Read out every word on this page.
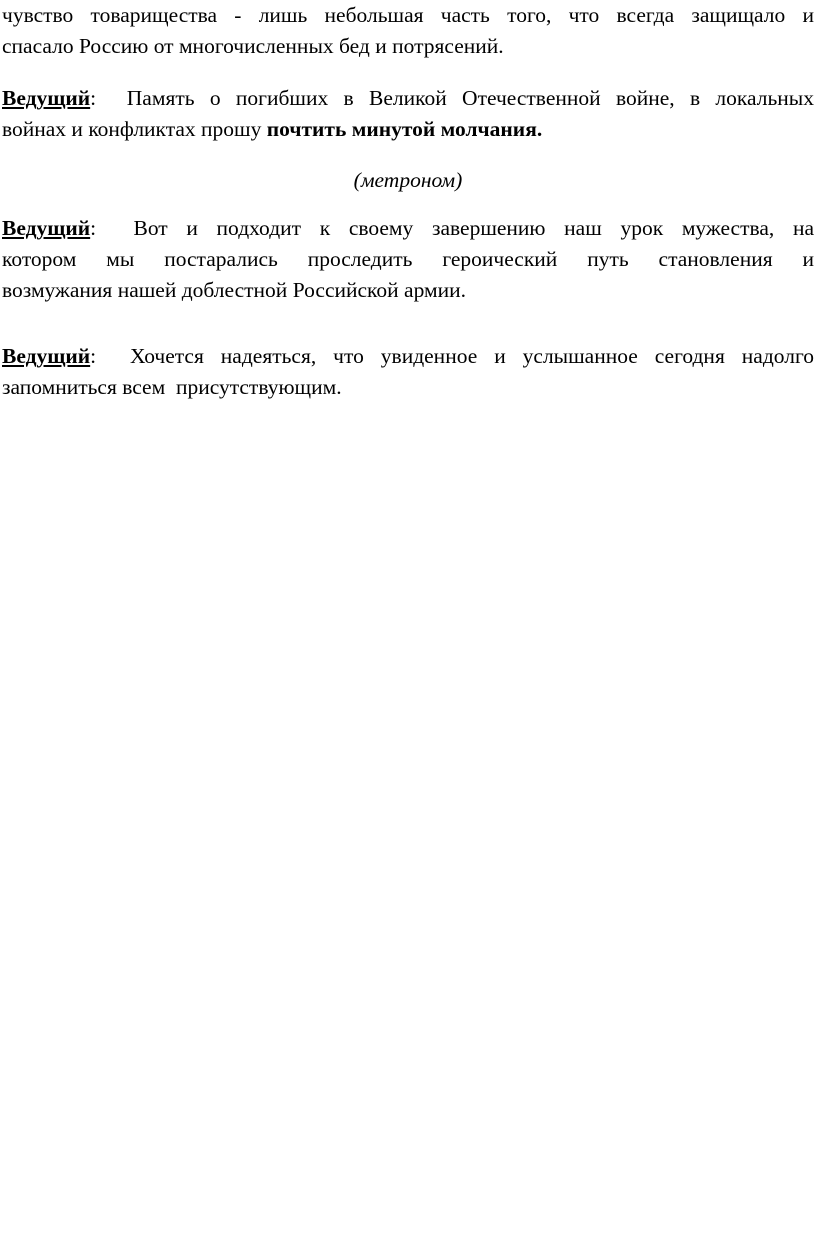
чувство товарищества - лишь небольшая часть того, что всегда защищало и
спасало Россию от многочисленных бед и потрясений.
Ведущий:  Память о погибших в Великой Отечественной войне, в локальных
войнах и конфликтах прошу почтить минутой молчания.

(метроном)

Ведущий:  Вот и подходит к своему завершению наш урок мужества, на
котором мы постарались проследить героический путь становления и
возмужания нашей доблестной Российской армии.
Ведущий:  Хочется надеяться, что увиденное и услышанное сегодня надолго
запомниться всем  присутствующим.
